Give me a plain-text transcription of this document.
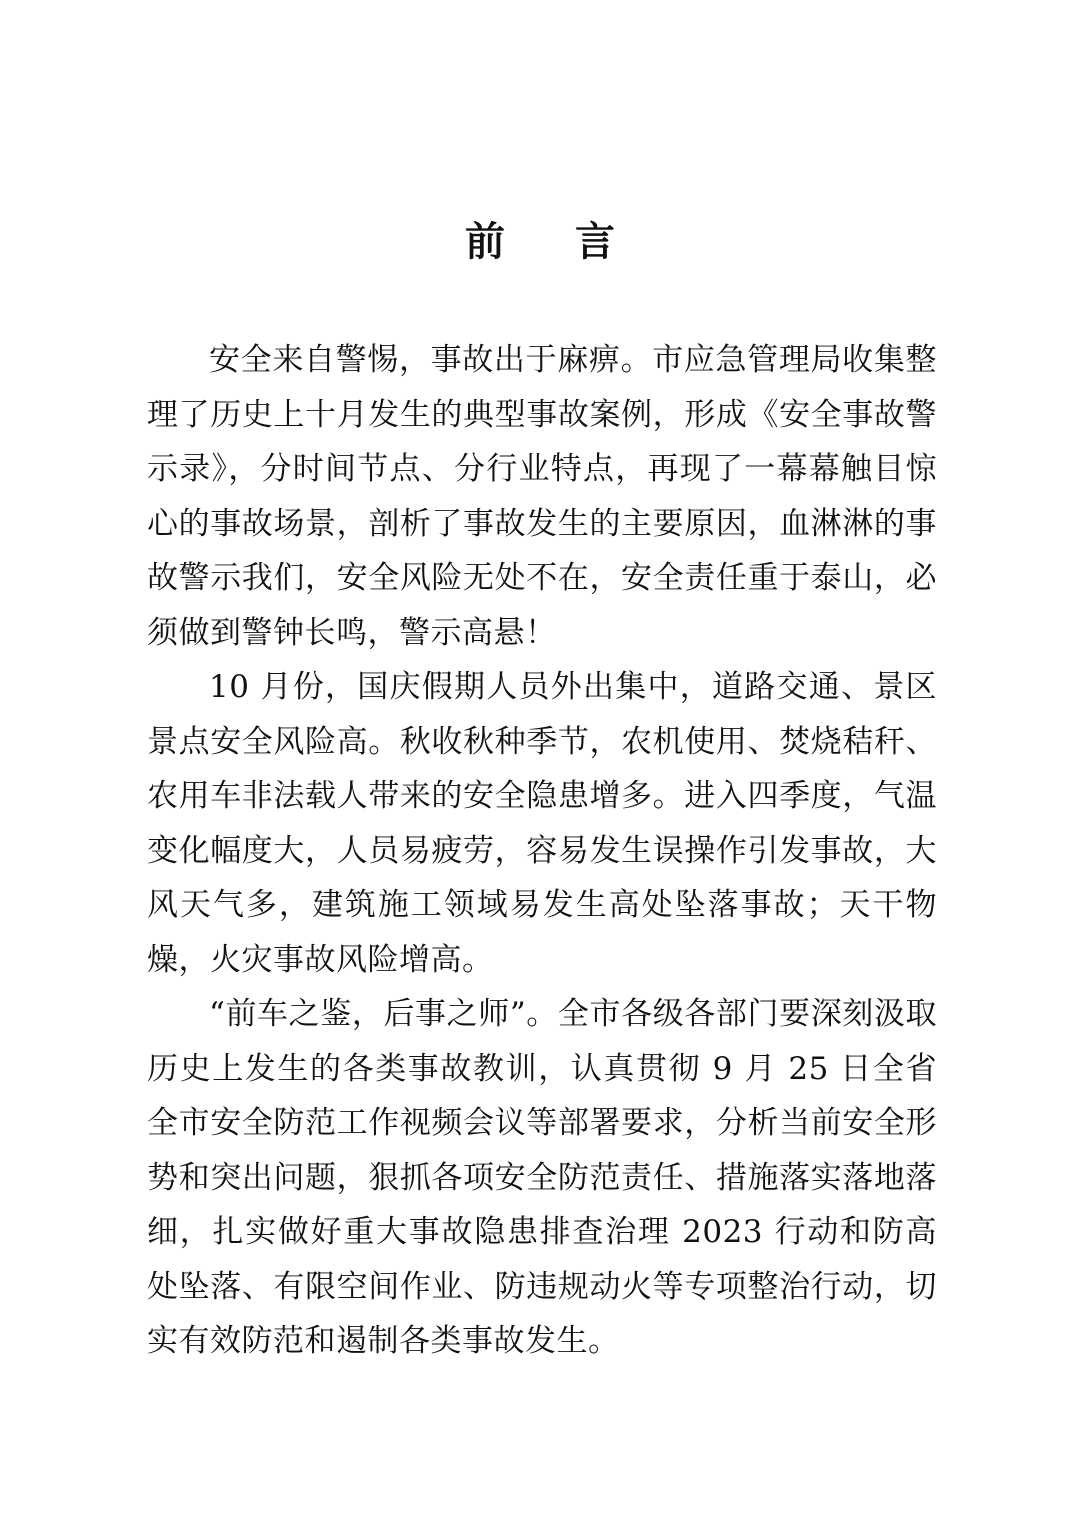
前 言

安全来自警惕，事故出于麻痹。市应急管理局收集整理了历史上十月发生的典型事故案例，形成《安全事故警示录》，分时间节点、分行业特点，再现了一幕幕触目惊心的事故场景，剖析了事故发生的主要原因，血淋淋的事故警示我们，安全风险无处不在，安全责任重于泰山，必须做到警钟长鸣，警示高悬！

10 月份，国庆假期人员外出集中，道路交通、景区景点安全风险高。秋收秋种季节，农机使用、焚烧秸秆、农用车非法载人带来的安全隐患增多。进入四季度，气温变化幅度大，人员易疲劳，容易发生误操作引发事故，大风天气多，建筑施工领域易发生高处坠落事故；天干物燥，火灾事故风险增高。

“前车之鉴，后事之师”。全市各级各部门要深刻汲取历史上发生的各类事故教训，认真贯彻 9 月 25 日全省全市安全防范工作视频会议等部署要求，分析当前安全形势和突出问题，狠抓各项安全防范责任、措施落实落地落细，扎实做好重大事故隐患排查治理 2023 行动和防高处坠落、有限空间作业、防违规动火等专项整治行动，切实有效防范和遏制各类事故发生。
